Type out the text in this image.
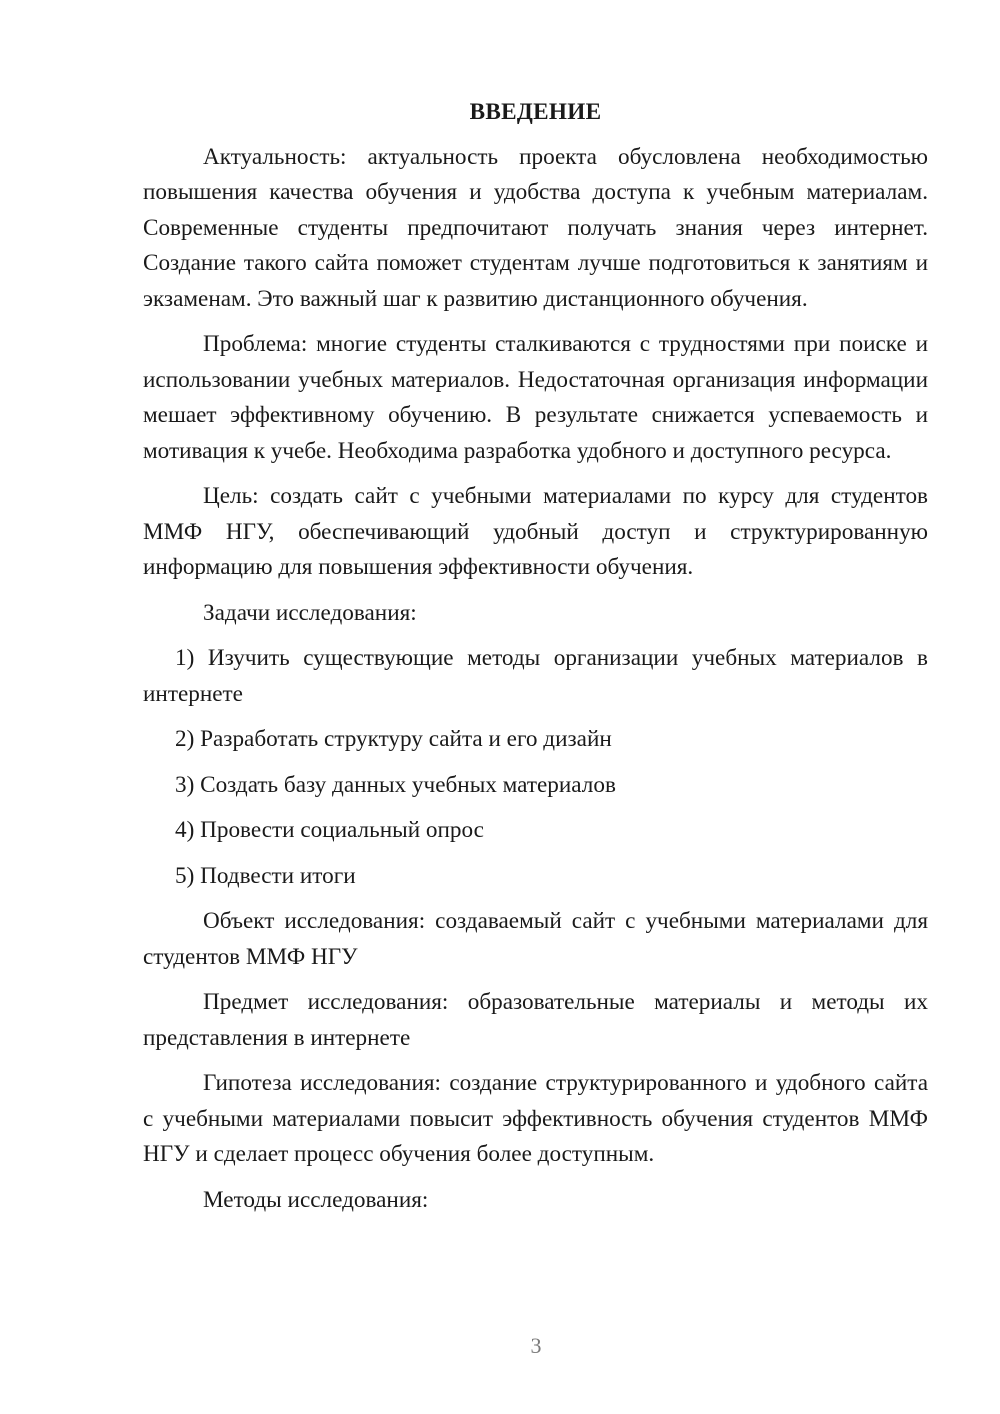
ВВЕДЕНИЕ

Актуальность: актуальность проекта обусловлена необходимостью повышения качества обучения и удобства доступа к учебным материалам. Современные студенты предпочитают получать знания через интернет. Создание такого сайта поможет студентам лучше подготовиться к занятиям и экзаменам. Это важный шаг к развитию дистанционного обучения.

Проблема: многие студенты сталкиваются с трудностями при поиске и использовании учебных материалов. Недостаточная организация информации мешает эффективному обучению. В результате снижается успеваемость и мотивация к учебе. Необходима разработка удобного и доступного ресурса.

Цель: создать сайт с учебными материалами по курсу для студентов ММФ НГУ, обеспечивающий удобный доступ и структурированную информацию для повышения эффективности обучения.

Задачи исследования:

1) Изучить существующие методы организации учебных материалов в интернете

2) Разработать структуру сайта и его дизайн

3) Создать базу данных учебных материалов

4) Провести социальный опрос

5) Подвести итоги

Объект исследования: создаваемый сайт с учебными материалами для студентов ММФ НГУ

Предмет исследования: образовательные материалы и методы их представления в интернете

Гипотеза исследования: создание структурированного и удобного сайта с учебными материалами повысит эффективность обучения студентов ММФ НГУ и сделает процесс обучения более доступным.

Методы исследования:

3
